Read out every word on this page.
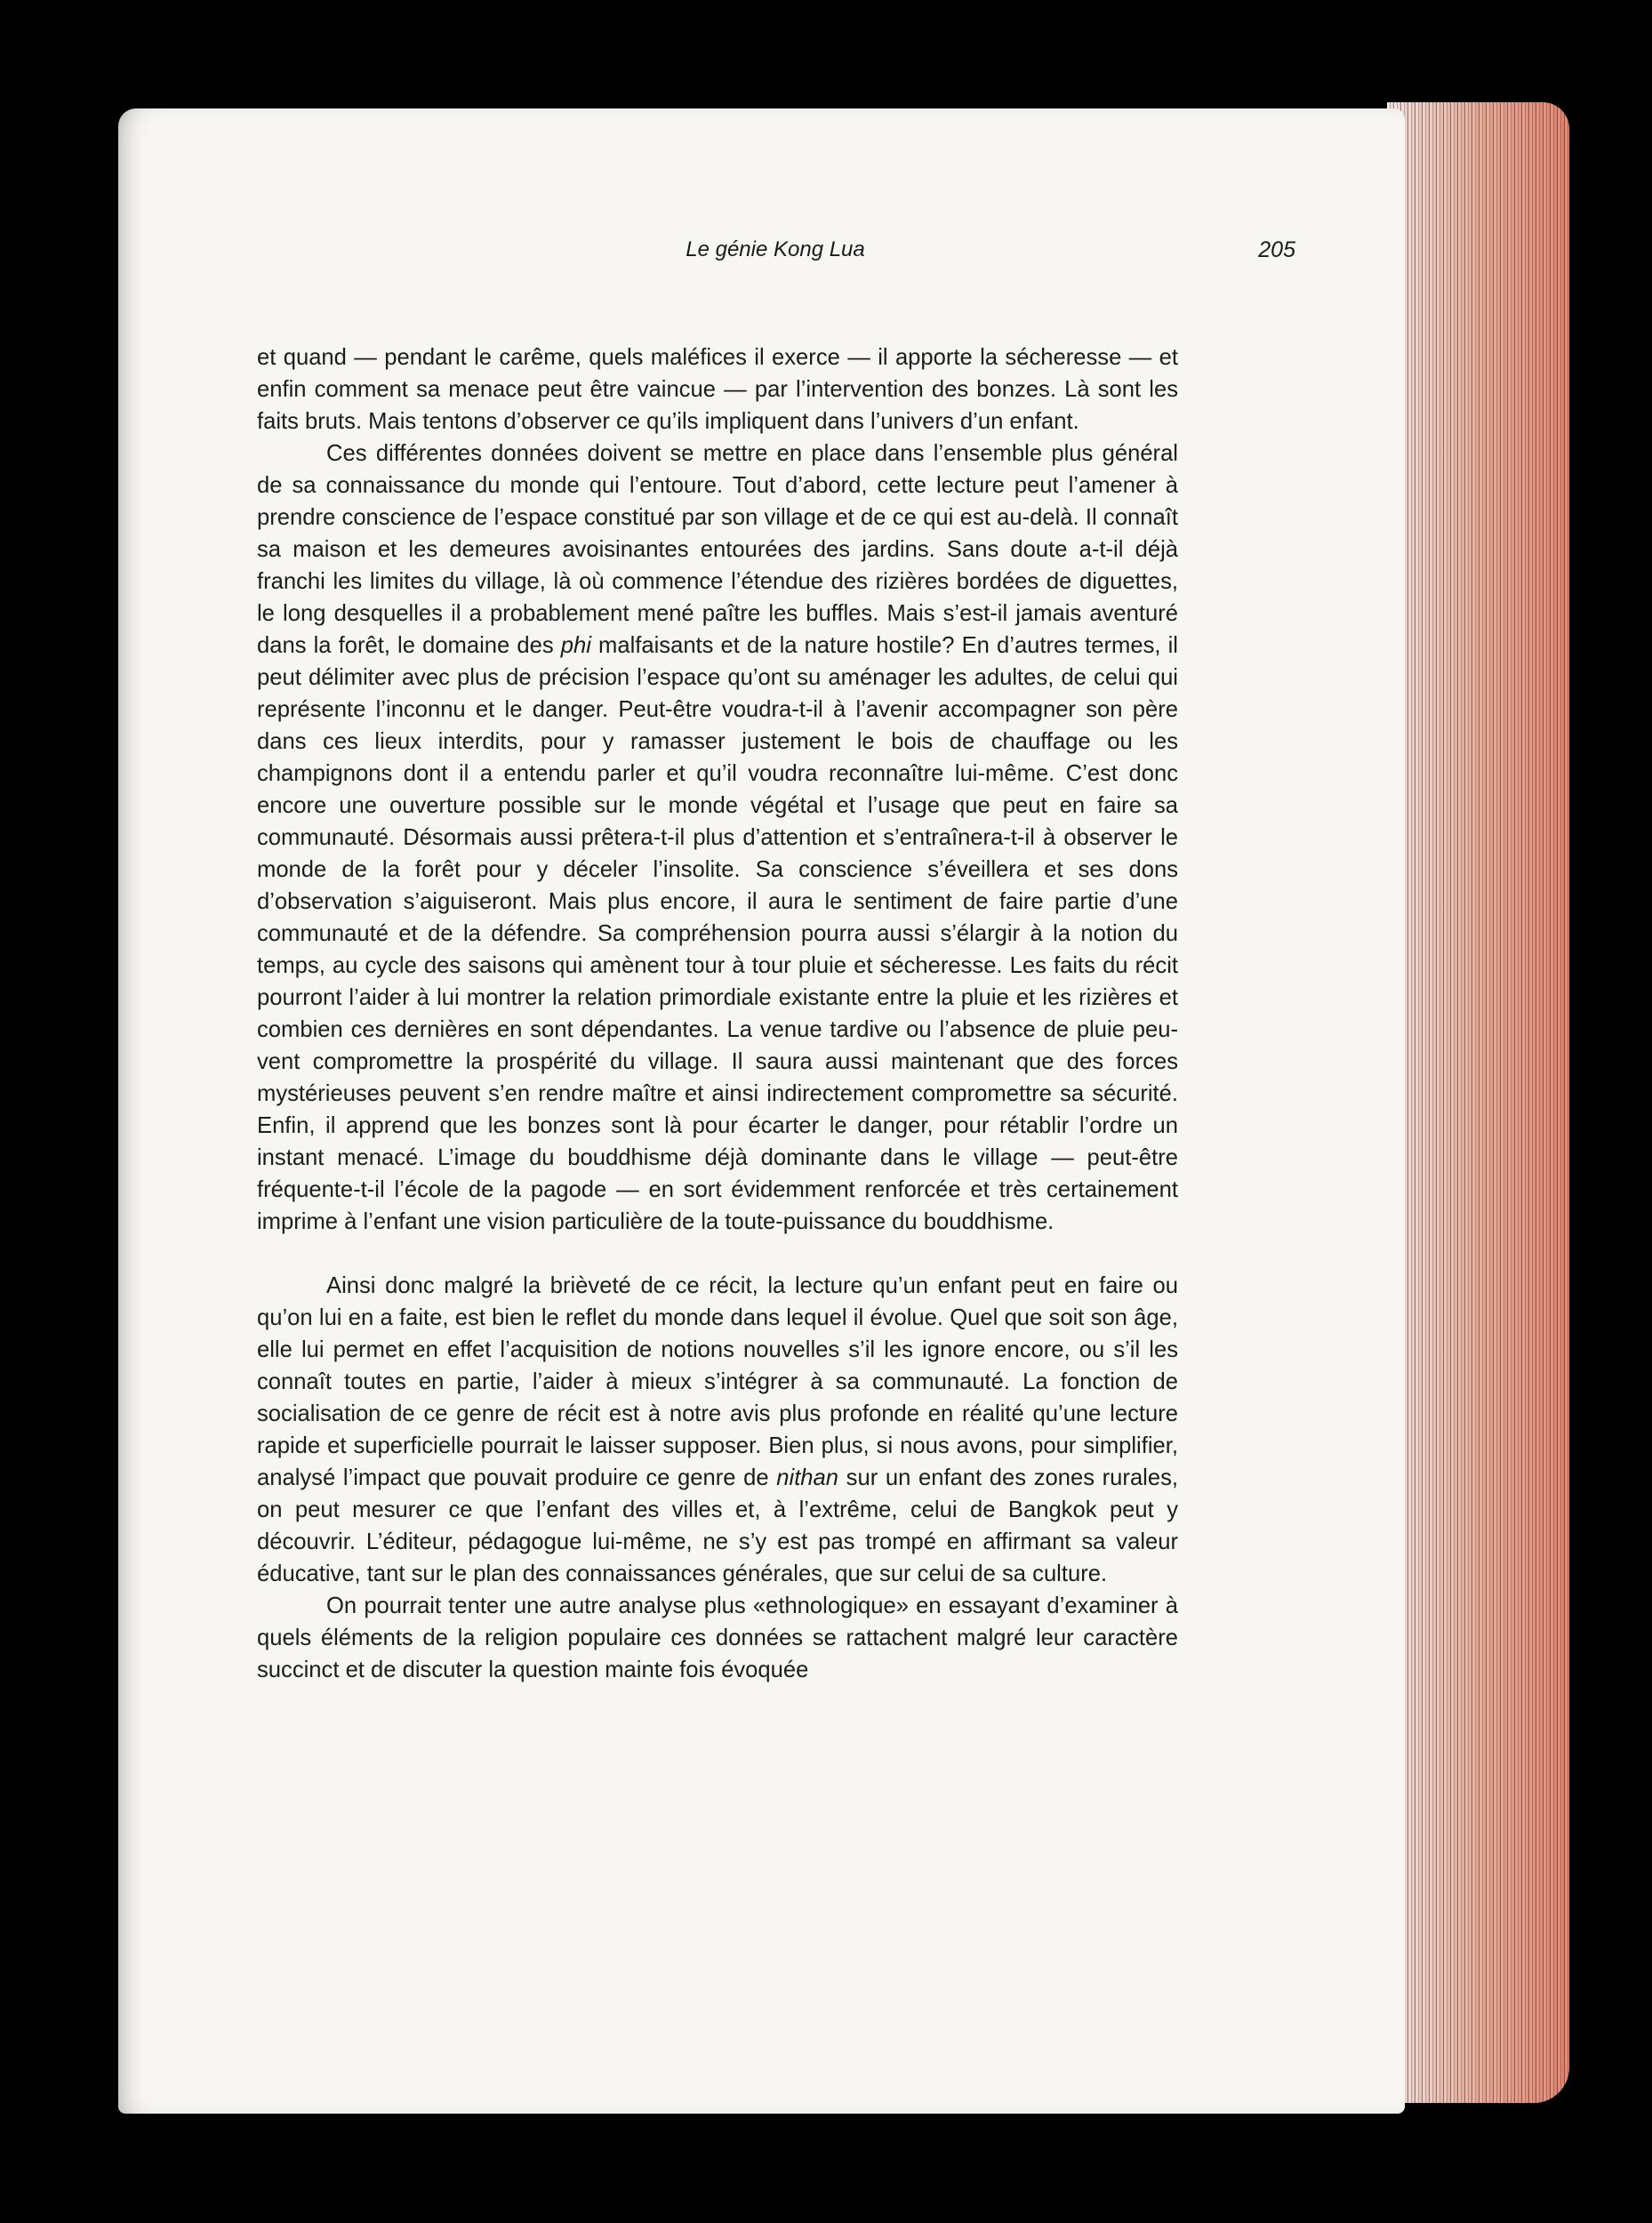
Le génie Kong Lua	205

et quand — pendant le carême, quels maléfices il exerce — il apporte la sécheresse — et enfin comment sa menace peut être vaincue — par l’intervention des bonzes. Là sont les faits bruts. Mais tentons d’observer ce qu’ils impliquent dans l’univers d’un enfant.

Ces différentes données doivent se mettre en place dans l’ensemble plus général de sa connaissance du monde qui l’entoure. Tout d’abord, cette lecture peut l’amener à prendre conscience de l’espace constitué par son village et de ce qui est au-delà. Il connaît sa maison et les demeures avoisinantes entourées des jardins. Sans doute a-t-il déjà franchi les limites du village, là où commence l’étendue des rizières bordées de diguettes, le long desquelles il a probablement mené paître les buffles. Mais s’est-il jamais aventuré dans la forêt, le domaine des phi malfaisants et de la nature hostile? En d’autres termes, il peut délimiter avec plus de précision l’espace qu’ont su aménager les adultes, de celui qui représente l’inconnu et le danger. Peut-être voudra-t-il à l’avenir accompagner son père dans ces lieux interdits, pour y ramasser justement le bois de chauffage ou les champignons dont il a entendu parler et qu’il voudra reconnaître lui-même. C’est donc encore une ouverture possible sur le monde végétal et l’usage que peut en faire sa communauté. Désormais aussi prêtera-t-il plus d’attention et s’entraînera-t-il à observer le monde de la forêt pour y déceler l’insolite. Sa conscience s’éveillera et ses dons d’observation s’aiguiseront. Mais plus encore, il aura le sentiment de faire partie d’une communauté et de la défendre. Sa compréhension pourra aussi s’élargir à la notion du temps, au cycle des saisons qui amènent tour à tour pluie et sécheresse. Les faits du récit pourront l’aider à lui montrer la relation primordiale existante entre la pluie et les rizières et combien ces dernières en sont dépendantes. La venue tardive ou l’absence de pluie peuvent compromettre la prospérité du village. Il saura aussi maintenant que des forces mystérieuses peuvent s’en rendre maître et ainsi indirectement compromettre sa sécurité. Enfin, il apprend que les bonzes sont là pour écarter le danger, pour rétablir l’ordre un instant menacé. L’image du bouddhisme déjà dominante dans le village — peut-être fréquente-t-il l’école de la pagode — en sort évidemment renforcée et très certainement imprime à l’enfant une vision particulière de la toute-puissance du bouddhisme.

Ainsi donc malgré la brièveté de ce récit, la lecture qu’un enfant peut en faire ou qu’on lui en a faite, est bien le reflet du monde dans lequel il évolue. Quel que soit son âge, elle lui permet en effet l’acquisition de notions nouvelles s’il les ignore encore, ou s’il les connaît toutes en partie, l’aider à mieux s’intégrer à sa communauté. La fonction de socialisation de ce genre de récit est à notre avis plus profonde en réalité qu’une lecture rapide et superficielle pourrait le laisser supposer. Bien plus, si nous avons, pour simplifier, analysé l’impact que pouvait produire ce genre de nithan sur un enfant des zones rurales, on peut mesurer ce que l’enfant des villes et, à l’extrême, celui de Bangkok peut y découvrir. L’éditeur, pédagogue lui-même, ne s’y est pas trompé en affirmant sa valeur éducative, tant sur le plan des connaissances générales, que sur celui de sa culture.

On pourrait tenter une autre analyse plus «ethnologique» en essayant d’examiner à quels éléments de la religion populaire ces données se rattachent malgré leur caractère succinct et de discuter la question mainte fois évoquée
